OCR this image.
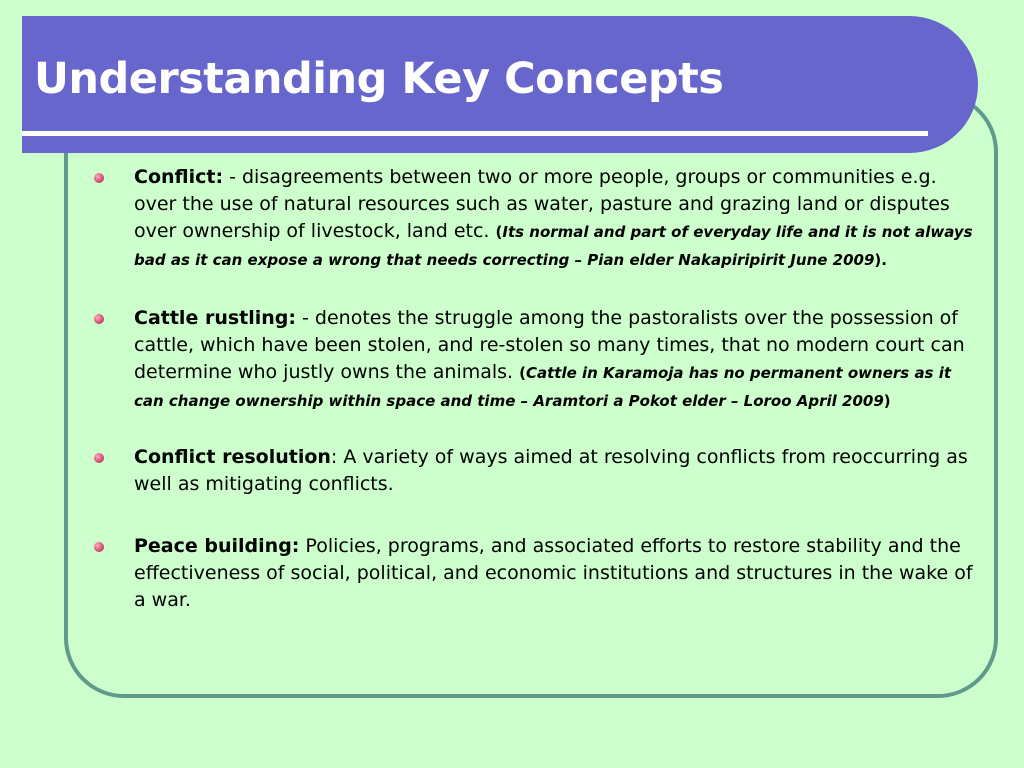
Understanding Key Concepts
Conflict: - disagreements between two or more people, groups or communities e.g. over the use of natural resources such as water, pasture and grazing land or disputes over ownership of livestock, land etc. (Its normal and part of everyday life and it is not always bad as it can expose a wrong that needs correcting – Pian elder Nakapiripirit June 2009).
Cattle rustling: - denotes the struggle among the pastoralists over the possession of cattle, which have been stolen, and re-stolen so many times, that no modern court can determine who justly owns the animals. (Cattle in Karamoja has no permanent owners as it can change ownership within space and time – Aramtori a Pokot elder – Loroo April 2009)
Conflict resolution: A variety of ways aimed at resolving conflicts from reoccurring as well as mitigating conflicts.
Peace building: Policies, programs, and associated efforts to restore stability and the effectiveness of social, political, and economic institutions and structures in the wake of a war.
